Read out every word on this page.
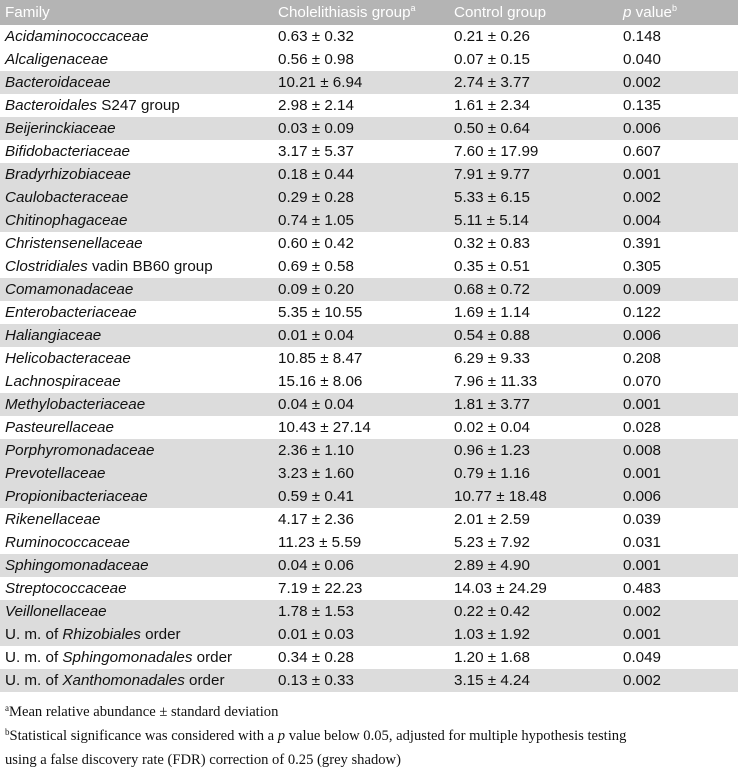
Family	Cholelithiasis group$^a$	Control group	p value$^b$
Acidaminococcaceae	0.63 ± 0.32	0.21 ± 0.26	0.148
Alcaligenaceae	0.56 ± 0.98	0.07 ± 0.15	0.040
Bacteroidaceae	10.21 ± 6.94	2.74 ± 3.77	0.002
Bacteroidales S247 group	2.98 ± 2.14	1.61 ± 2.34	0.135
Beijerinckiaceae	0.03 ± 0.09	0.50 ± 0.64	0.006
Bifidobacteriaceae	3.17 ± 5.37	7.60 ± 17.99	0.607
Bradyrhizobiaceae	0.18 ± 0.44	7.91 ± 9.77	0.001
Caulobacteraceae	0.29 ± 0.28	5.33 ± 6.15	0.002
Chitinophagaceae	0.74 ± 1.05	5.11 ± 5.14	0.004
Christensenellaceae	0.60 ± 0.42	0.32 ± 0.83	0.391
Clostridiales vadin BB60 group	0.69 ± 0.58	0.35 ± 0.51	0.305
Comamonadaceae	0.09 ± 0.20	0.68 ± 0.72	0.009
Enterobacteriaceae	5.35 ± 10.55	1.69 ± 1.14	0.122
Haliangiaceae	0.01 ± 0.04	0.54 ± 0.88	0.006
Helicobacteraceae	10.85 ± 8.47	6.29 ± 9.33	0.208
Lachnospiraceae	15.16 ± 8.06	7.96 ± 11.33	0.070
Methylobacteriaceae	0.04 ± 0.04	1.81 ± 3.77	0.001
Pasteurellaceae	10.43 ± 27.14	0.02 ± 0.04	0.028
Porphyromonadaceae	2.36 ± 1.10	0.96 ± 1.23	0.008
Prevotellaceae	3.23 ± 1.60	0.79 ± 1.16	0.001
Propionibacteriaceae	0.59 ± 0.41	10.77 ± 18.48	0.006
Rikenellaceae	4.17 ± 2.36	2.01 ± 2.59	0.039
Ruminococcaceae	11.23 ± 5.59	5.23 ± 7.92	0.031
Sphingomonadaceae	0.04 ± 0.06	2.89 ± 4.90	0.001
Streptococcaceae	7.19 ± 22.23	14.03 ± 24.29	0.483
Veillonellaceae	1.78 ± 1.53	0.22 ± 0.42	0.002
U. m. of Rhizobiales order	0.01 ± 0.03	1.03 ± 1.92	0.001
U. m. of Sphingomonadales order	0.34 ± 0.28	1.20 ± 1.68	0.049
U. m. of Xanthomonadales order	0.13 ± 0.33	3.15 ± 4.24	0.002

$^a$Mean relative abundance ± standard deviation

$^b$Statistical significance was considered with a p value below 0.05, adjusted for multiple hypothesis testing

using a false discovery rate (FDR) correction of 0.25 (grey shadow)
